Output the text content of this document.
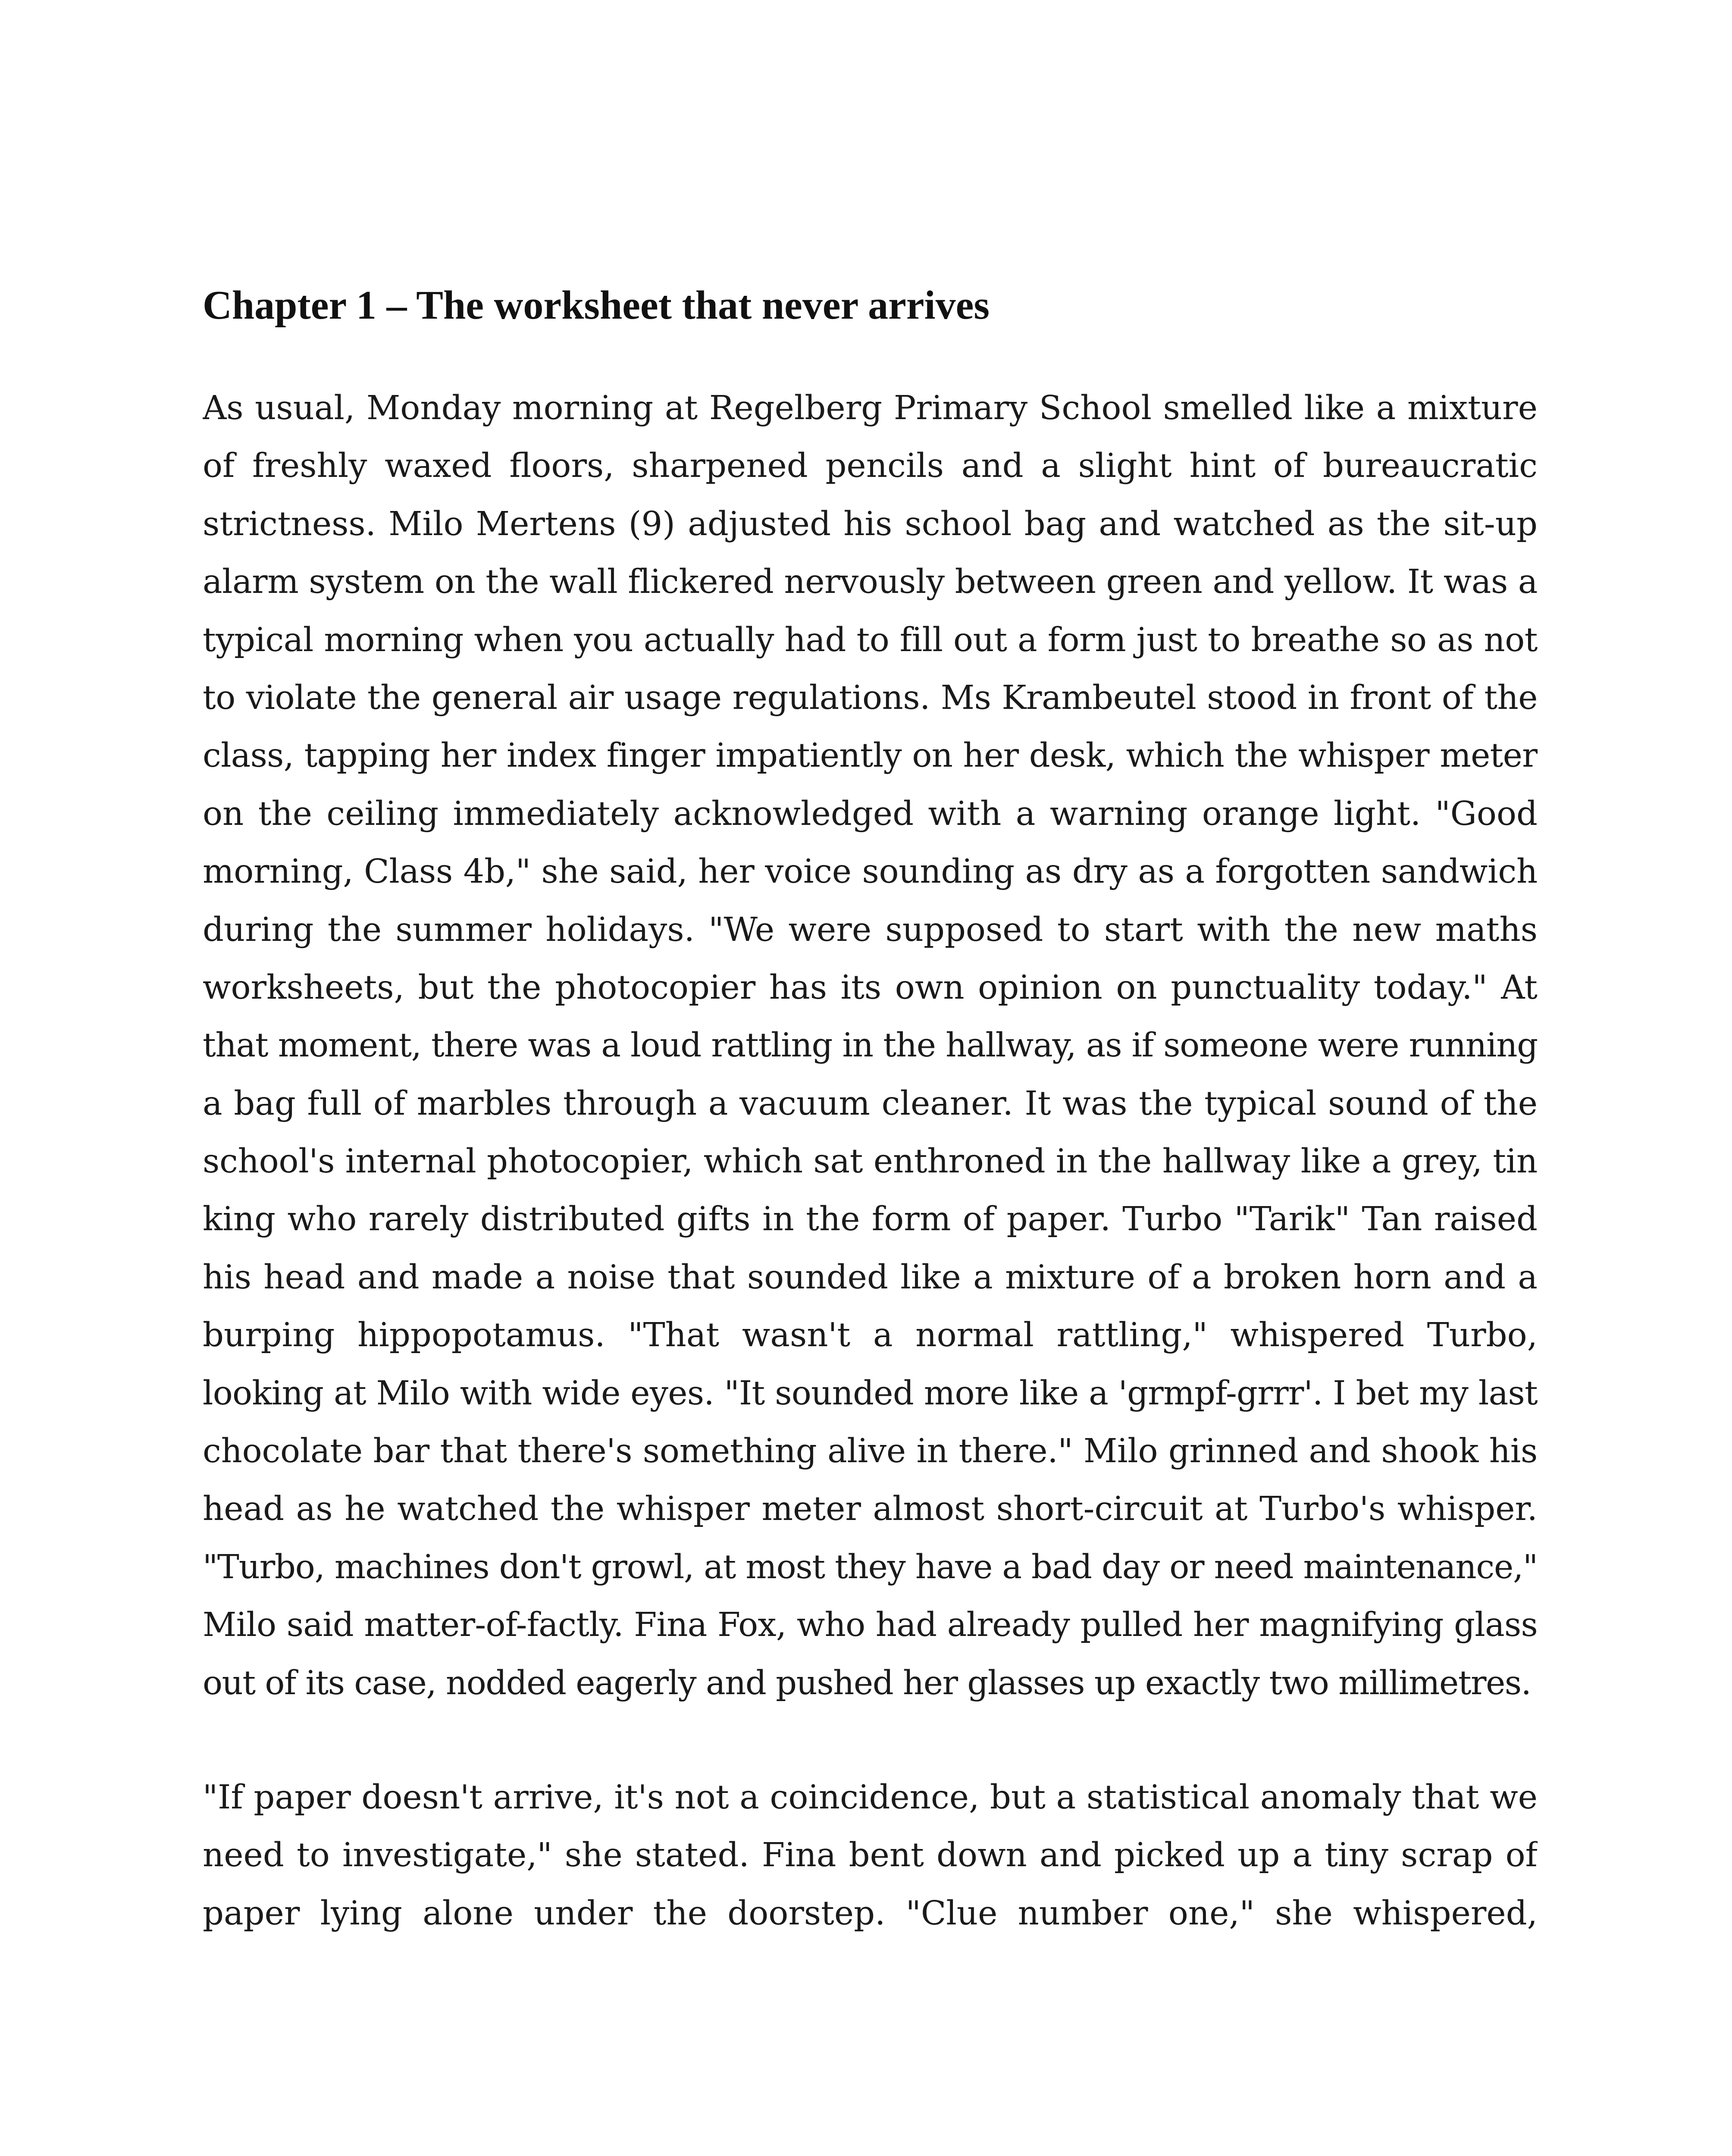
Chapter 1 – The worksheet that never arrives
As usual, Monday morning at Regelberg Primary School smelled like a mixture
of freshly waxed floors, sharpened pencils and a slight hint of bureaucratic
strictness. Milo Mertens (9) adjusted his school bag and watched as the sit-up
alarm system on the wall flickered nervously between green and yellow. It was a
typical morning when you actually had to fill out a form just to breathe so as not
to violate the general air usage regulations. Ms Krambeutel stood in front of the
class, tapping her index finger impatiently on her desk, which the whisper meter
on the ceiling immediately acknowledged with a warning orange light. "Good
morning, Class 4b," she said, her voice sounding as dry as a forgotten sandwich
during the summer holidays. "We were supposed to start with the new maths
worksheets, but the photocopier has its own opinion on punctuality today." At
that moment, there was a loud rattling in the hallway, as if someone were running
a bag full of marbles through a vacuum cleaner. It was the typical sound of the
school's internal photocopier, which sat enthroned in the hallway like a grey, tin
king who rarely distributed gifts in the form of paper. Turbo "Tarik" Tan raised
his head and made a noise that sounded like a mixture of a broken horn and a
burping hippopotamus. "That wasn't a normal rattling," whispered Turbo,
looking at Milo with wide eyes. "It sounded more like a 'grmpf-grrr'. I bet my last
chocolate bar that there's something alive in there." Milo grinned and shook his
head as he watched the whisper meter almost short-circuit at Turbo's whisper.
"Turbo, machines don't growl, at most they have a bad day or need maintenance,"
Milo said matter-of-factly. Fina Fox, who had already pulled her magnifying glass
out of its case, nodded eagerly and pushed her glasses up exactly two millimetres.
"If paper doesn't arrive, it's not a coincidence, but a statistical anomaly that we
need to investigate," she stated. Fina bent down and picked up a tiny scrap of
paper lying alone under the doorstep. "Clue number one," she whispered,
